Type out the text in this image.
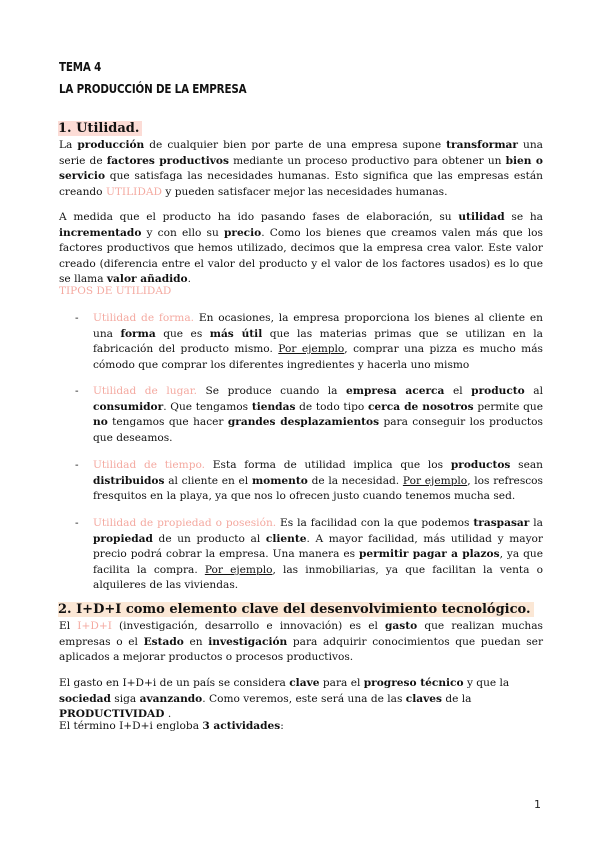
TEMA 4
LA PRODUCCIÓN DE LA EMPRESA
1. Utilidad.

La producción de cualquier bien por parte de una empresa supone transformar una serie de factores productivos mediante un proceso productivo para obtener un bien o servicio que satisfaga las necesidades humanas. Esto significa que las empresas están creando UTILIDAD y pueden satisfacer mejor las necesidades humanas.

A medida que el producto ha ido pasando fases de elaboración, su utilidad se ha incrementado y con ello su precio. Como los bienes que creamos valen más que los factores productivos que hemos utilizado, decimos que la empresa crea valor. Este valor creado (diferencia entre el valor del producto y el valor de los factores usados) es lo que se llama valor añadido.

TIPOS DE UTILIDAD
- Utilidad de forma. En ocasiones, la empresa proporciona los bienes al cliente en una forma que es más útil que las materias primas que se utilizan en la fabricación del producto mismo. Por ejemplo, comprar una pizza es mucho más cómodo que comprar los diferentes ingredientes y hacerla uno mismo

- Utilidad de lugar. Se produce cuando la empresa acerca el producto al consumidor. Que tengamos tiendas de todo tipo cerca de nosotros permite que no tengamos que hacer grandes desplazamientos para conseguir los productos que deseamos.

- Utilidad de tiempo. Esta forma de utilidad implica que los productos sean distribuidos al cliente en el momento de la necesidad. Por ejemplo, los refrescos fresquitos en la playa, ya que nos lo ofrecen justo cuando tenemos mucha sed.

- Utilidad de propiedad o posesión. Es la facilidad con la que podemos traspasar la propiedad de un producto al cliente. A mayor facilidad, más utilidad y mayor precio podrá cobrar la empresa. Una manera es permitir pagar a plazos, ya que facilita la compra. Por ejemplo, las inmobiliarias, ya que facilitan la venta o alquileres de las viviendas.

2. I+D+I como elemento clave del desenvolvimiento tecnológico.

El I+D+I (investigación, desarrollo e innovación) es el gasto que realizan muchas empresas o el Estado en investigación para adquirir conocimientos que puedan ser aplicados a mejorar productos o procesos productivos.

El gasto en I+D+i de un país se considera clave para el progreso técnico y que la sociedad siga avanzando. Como veremos, este será una de las claves de la PRODUCTIVIDAD .

El término I+D+i engloba 3 actividades:

1
